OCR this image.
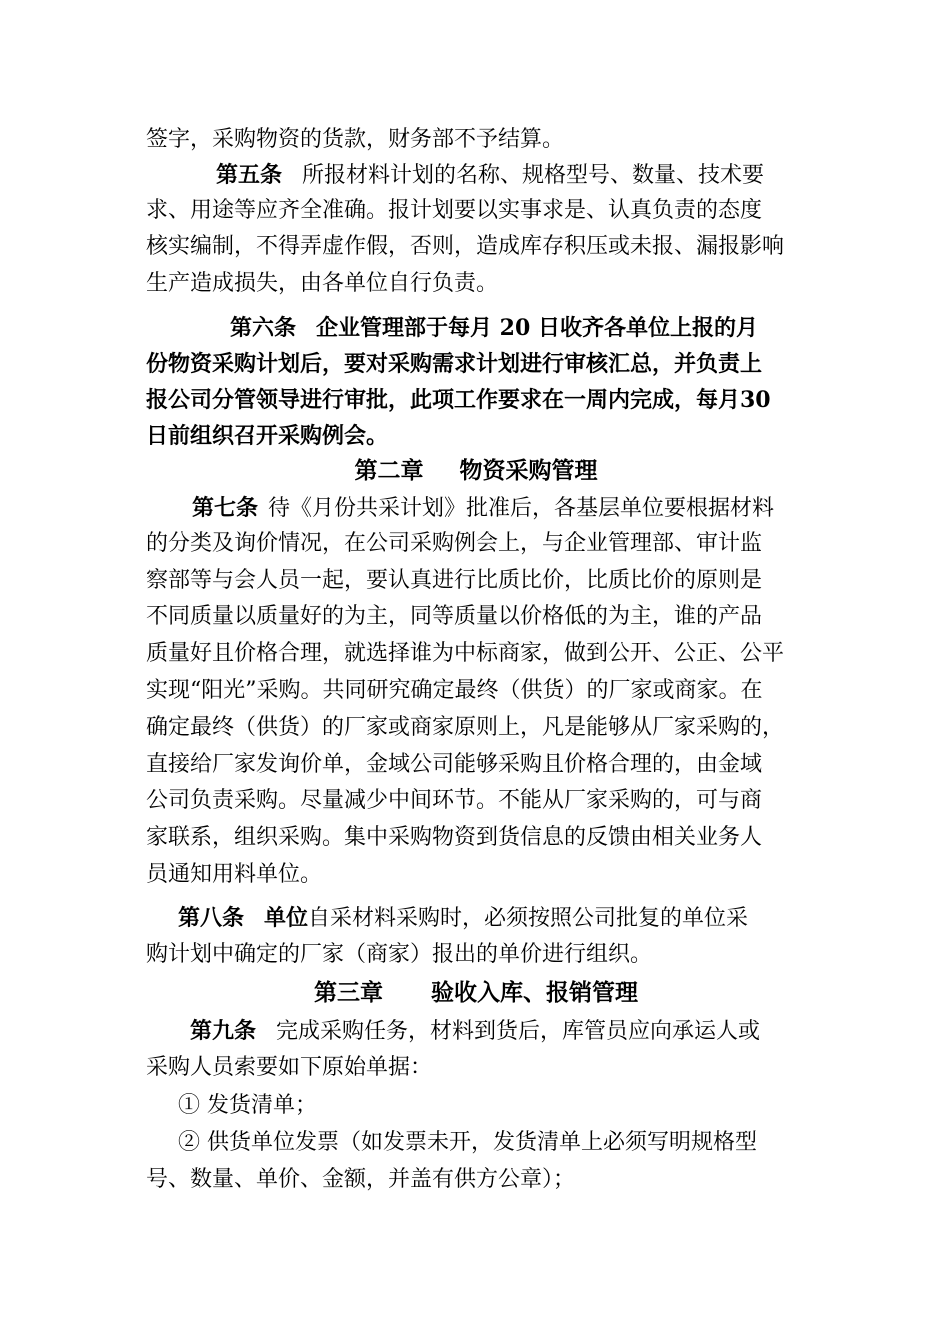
签字，采购物资的货款，财务部不予结算。
第五条 所报材料计划的名称、规格型号、数量、技术要
求、用途等应齐全准确。报计划要以实事求是、认真负责的态度
核实编制，不得弄虚作假，否则，造成库存积压或未报、漏报影响
生产造成损失，由各单位自行负责。
第六条 企业管理部于每月 20 日收齐各单位上报的月
份物资采购计划后，要对采购需求计划进行审核汇总，并负责上
报公司分管领导进行审批，此项工作要求在一周内完成，每月30
日前组织召开采购例会。
第二章 物资采购管理
第七条 待《月份共采计划》批准后，各基层单位要根据材料
的分类及询价情况，在公司采购例会上，与企业管理部、审计监
察部等与会人员一起，要认真进行比质比价，比质比价的原则是
不同质量以质量好的为主，同等质量以价格低的为主，谁的产品
质量好且价格合理，就选择谁为中标商家，做到公开、公正、公平
实现“阳光”采购。共同研究确定最终（供货）的厂家或商家。在
确定最终（供货）的厂家或商家原则上，凡是能够从厂家采购的，
直接给厂家发询价单，金域公司能够采购且价格合理的，由金域
公司负责采购。尽量减少中间环节。不能从厂家采购的，可与商
家联系，组织采购。集中采购物资到货信息的反馈由相关业务人
员通知用料单位。
第八条 单位自采材料采购时，必须按照公司批复的单位采
购计划中确定的厂家（商家）报出的单价进行组织。
第三章 验收入库、报销管理
第九条 完成采购任务，材料到货后，库管员应向承运人或
采购人员索要如下原始单据：
① 发货清单；
② 供货单位发票（如发票未开，发货清单上必须写明规格型
号、数量、单价、金额，并盖有供方公章）；
